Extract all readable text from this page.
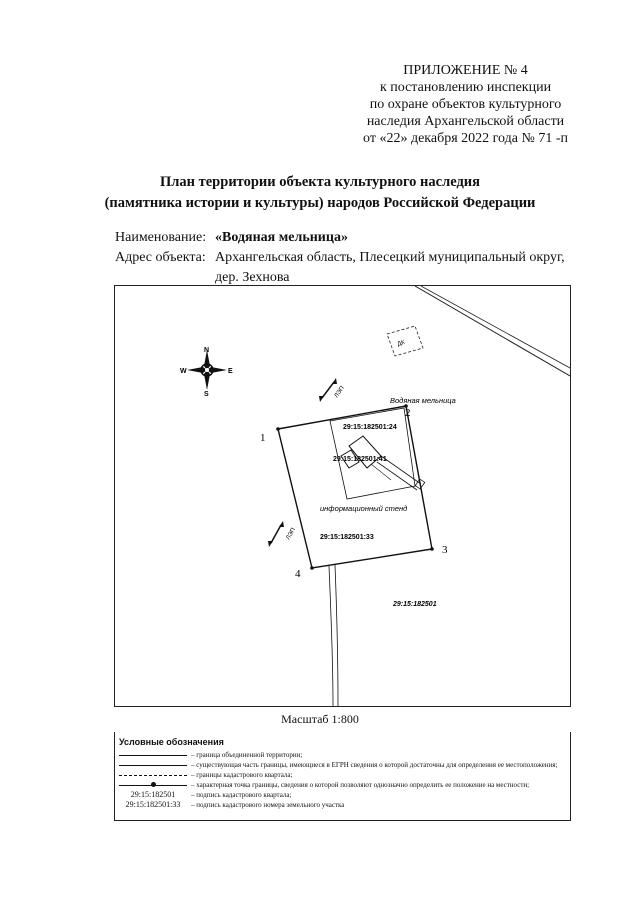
ПРИЛОЖЕНИЕ № 4
к постановлению инспекции
по охране объектов культурного
наследия Архангельской области
от «22» декабря 2022 года № 71 -п
План территории объекта культурного наследия
(памятника истории и культуры) народов Российской Федерации
Наименование: «Водяная мельница»
Адрес объекта: Архангельская область, Плесецкий муниципальный округ,
дер. Зехнова
ДК
N
S
W	E
ЛЭП
ЛЭП
1
2
3
4
Водяная мельница
29:15:182501:24
29:15:182501:41
информационный стенд
29:15:182501:33
29:15:182501
Масштаб 1:800
Условные обозначения
– граница объединенной территории;
– существующая часть границы, имеющиеся в ЕГРН сведения о которой достаточны для определения ее местоположения;
– границы кадастрового квартала;
– характерная точка границы, сведения о которой позволяют однозначно определить ее положение на местности;
29:15:182501	– подпись кадастрового квартала;
29:15:182501:33	– подпись кадастрового номера земельного участка
